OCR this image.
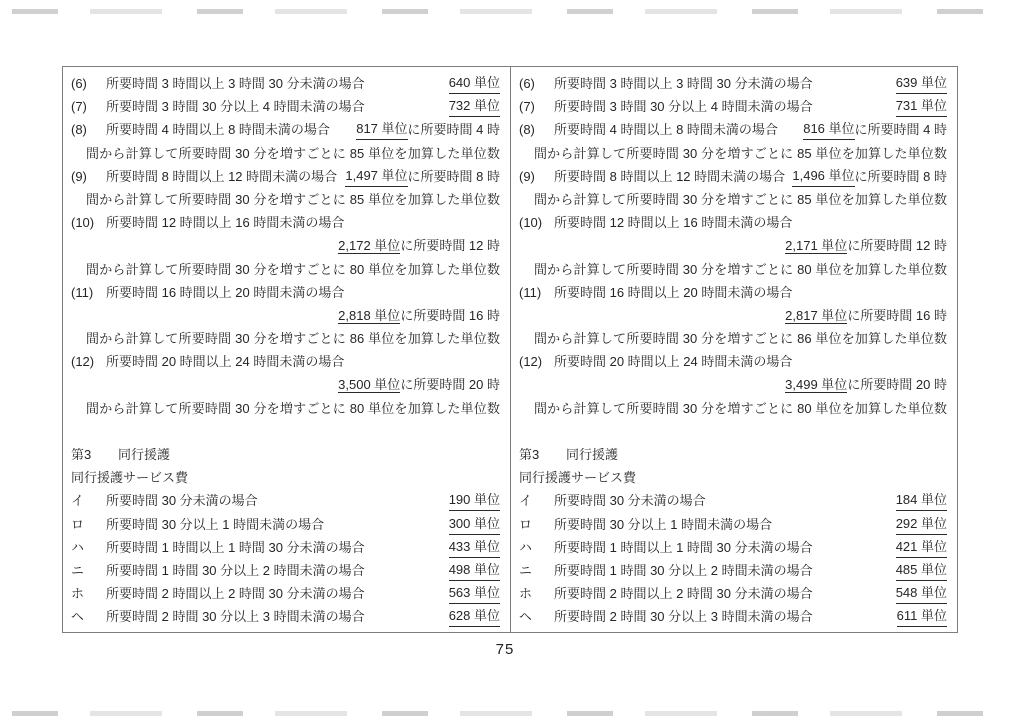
(6)	所要時間 3 時間以上 3 時間 30 分未満の場合	640 単位
(7)	所要時間 3 時間 30 分以上 4 時間未満の場合	732 単位
(8)	所要時間 4 時間以上 8 時間未満の場合 817 単位 に所要時間 4 時
間から計算して所要時間 30 分を増すごとに 85 単位を加算した単位数
(9)	所要時間 8 時間以上 12 時間未満の場合 1,497 単位 に所要時間 8 時
間から計算して所要時間 30 分を増すごとに 85 単位を加算した単位数
(10) 所要時間 12 時間以上 16 時間未満の場合
2,172 単位に所要時間 12 時
間から計算して所要時間 30 分を増すごとに 80 単位を加算した単位数
(11) 所要時間 16 時間以上 20 時間未満の場合
2,818 単位に所要時間 16 時
間から計算して所要時間 30 分を増すごとに 86 単位を加算した単位数
(12) 所要時間 20 時間以上 24 時間未満の場合
3,500 単位に所要時間 20 時
間から計算して所要時間 30 分を増すごとに 80 単位を加算した単位数
第3	同行援護
同行援護サービス費
イ	所要時間 30 分未満の場合	190 単位
ロ	所要時間 30 分以上 1 時間未満の場合	300 単位
ハ	所要時間 1 時間以上 1 時間 30 分未満の場合	433 単位
ニ	所要時間 1 時間 30 分以上 2 時間未満の場合	498 単位
ホ	所要時間 2 時間以上 2 時間 30 分未満の場合	563 単位
ヘ	所要時間 2 時間 30 分以上 3 時間未満の場合	628 単位
(6)	所要時間 3 時間以上 3 時間 30 分未満の場合	639 単位
(7)	所要時間 3 時間 30 分以上 4 時間未満の場合	731 単位
(8)	所要時間 4 時間以上 8 時間未満の場合 816 単位 に所要時間 4 時
間から計算して所要時間 30 分を増すごとに 85 単位を加算した単位数
(9)	所要時間 8 時間以上 12 時間未満の場合 1,496 単位 に所要時間 8 時
間から計算して所要時間 30 分を増すごとに 85 単位を加算した単位数
(10) 所要時間 12 時間以上 16 時間未満の場合
2,171 単位に所要時間 12 時
間から計算して所要時間 30 分を増すごとに 80 単位を加算した単位数
(11) 所要時間 16 時間以上 20 時間未満の場合
2,817 単位に所要時間 16 時
間から計算して所要時間 30 分を増すごとに 86 単位を加算した単位数
(12) 所要時間 20 時間以上 24 時間未満の場合
3,499 単位に所要時間 20 時
間から計算して所要時間 30 分を増すごとに 80 単位を加算した単位数
第3	同行援護
同行援護サービス費
イ	所要時間 30 分未満の場合	184 単位
ロ	所要時間 30 分以上 1 時間未満の場合	292 単位
ハ	所要時間 1 時間以上 1 時間 30 分未満の場合	421 単位
ニ	所要時間 1 時間 30 分以上 2 時間未満の場合	485 単位
ホ	所要時間 2 時間以上 2 時間 30 分未満の場合	548 単位
ヘ	所要時間 2 時間 30 分以上 3 時間未満の場合	611 単位
75
